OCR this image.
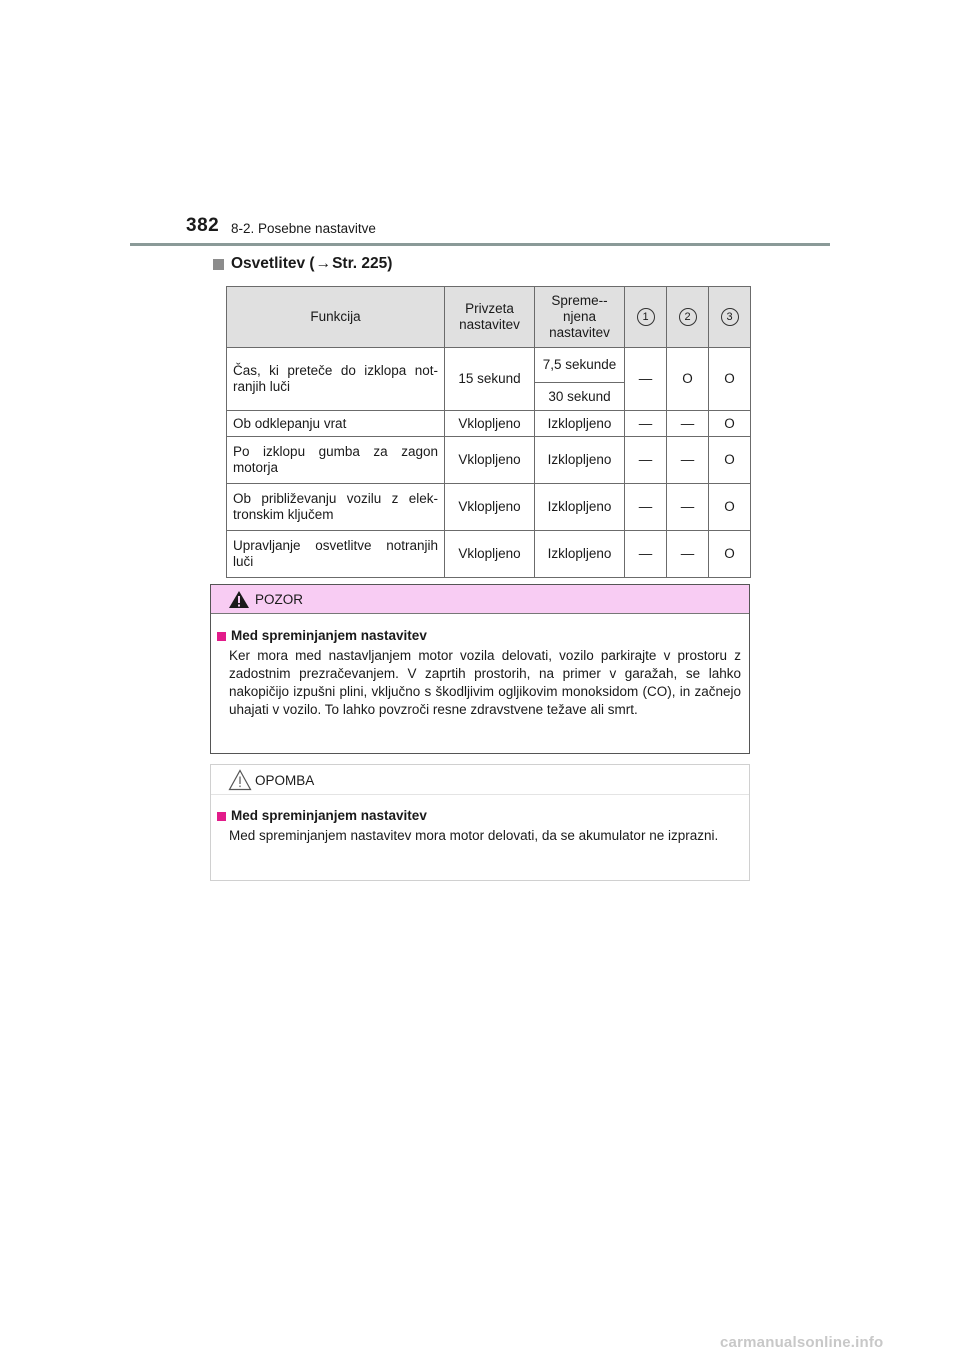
382 8-2. Posebne nastavitve
Osvetlitev ( → Str. 225)
Funkcija	Privzeta nastavitev	Spreme-njena nastavitev	1	2	3
Čas, ki preteče do izklopa notranjih luči	15 sekund	7,5 sekunde	—	O	O
		30 sekund			
Ob odklepanju vrat	Vklopljeno	Izklopljeno	—	—	O
Po izklopu gumba za zagon motorja	Vklopljeno	Izklopljeno	—	—	O
Ob približevanju vozilu z elektronskim ključem	Vklopljeno	Izklopljeno	—	—	O
Upravljanje osvetlitve notranjih luči	Vklopljeno	Izklopljeno	—	—	O
POZOR
Med spreminjanjem nastavitev
Ker mora med nastavljanjem motor vozila delovati, vozilo parkirajte v prostoru z zadostnim prezračevanjem. V zaprtih prostorih, na primer v garažah, se lahko nakopičijo izpušni plini, vključno s škodljivim ogljikovim monoksidom (CO), in začnejo uhajati v vozilo. To lahko povzroči resne zdravstvene težave ali smrt.
OPOMBA
Med spreminjanjem nastavitev
Med spreminjanjem nastavitev mora motor delovati, da se akumulator ne izprazni.
carmanualsonline.info
